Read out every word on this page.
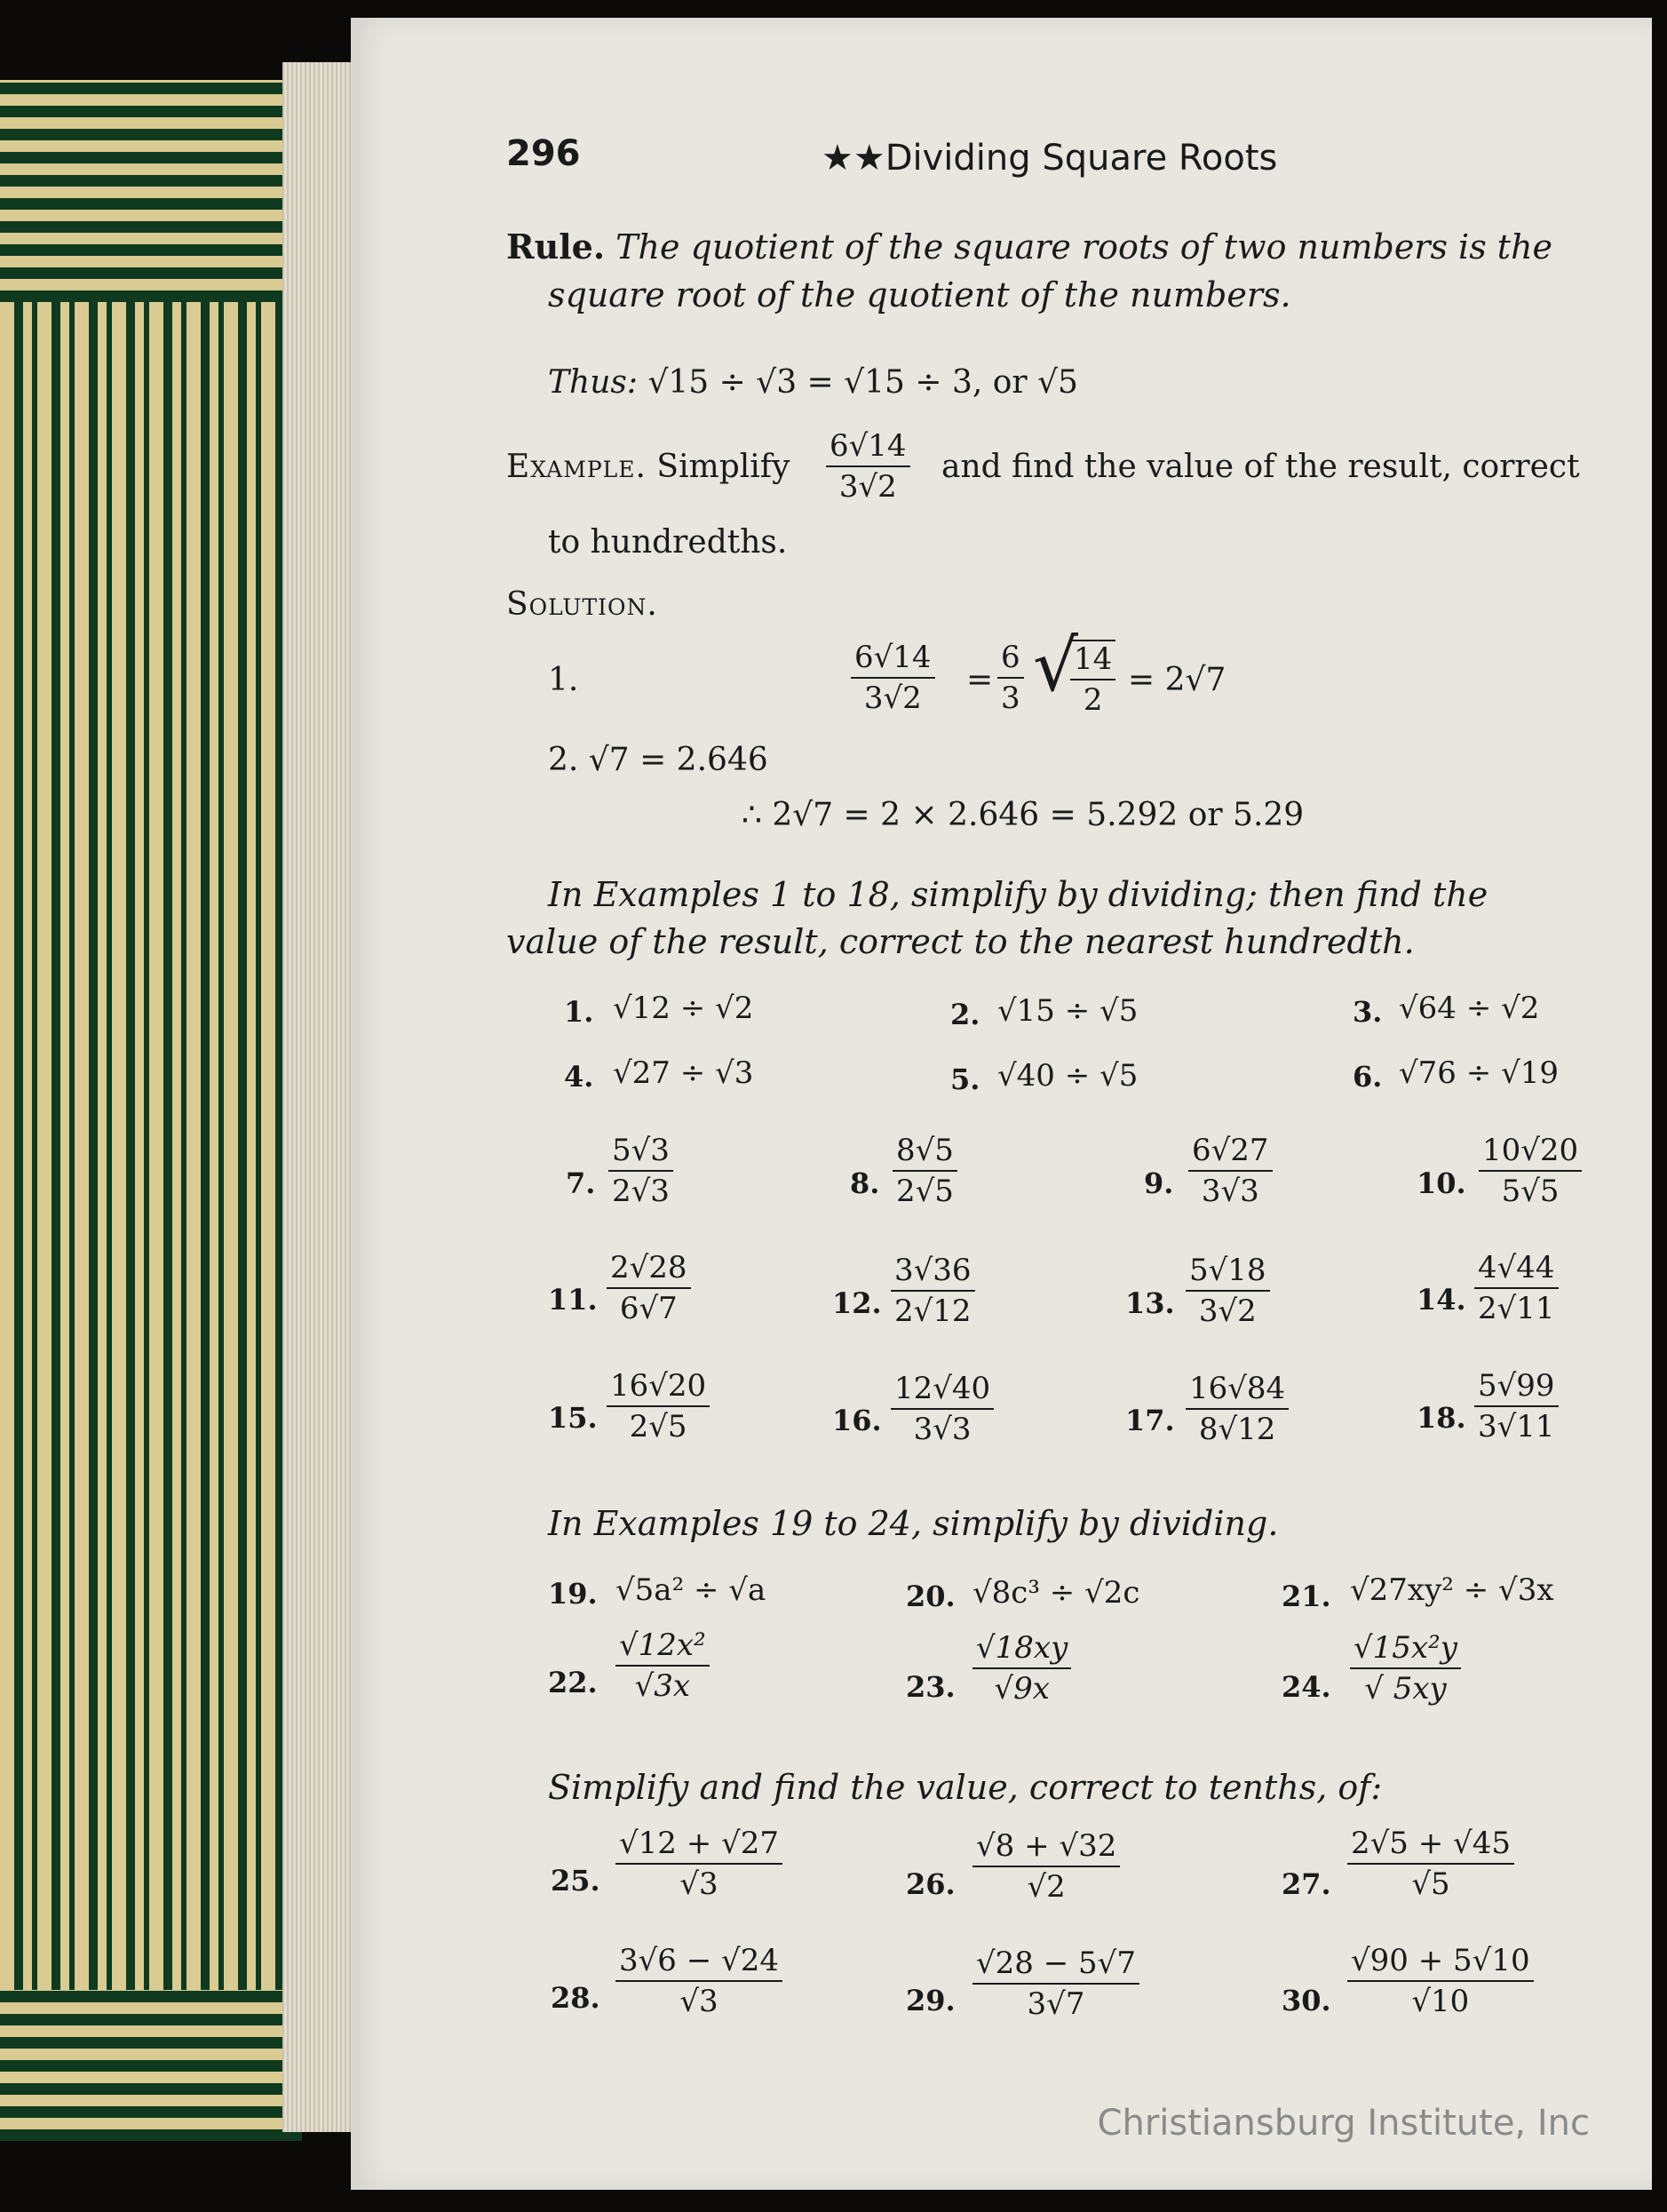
296	★★Dividing Square Roots
Rule. The quotient of the square roots of two numbers is the
square root of the quotient of the numbers.
Thus: √15 ÷ √3 = √15 ÷ 3, or √5
Example. Simplify $\frac{6√14}{3√2}$ and find the value of the result, correct
to hundredths.
Solution.
1.	$\frac{6√14}{3√2} = \frac{6}{3}$ √
$\frac{14}{2} = 2√7$
2. √7 = 2.646
∴ 2√7 = 2 × 2.646 = 5.292 or 5.29
In Examples 1 to 18, simplify by dividing; then find the
value of the result, correct to the nearest hundredth.
1. √12 ÷ √2	2. √15 ÷ √5	3. √64 ÷ √2
4. √27 ÷ √3	5. √40 ÷ √5	6. √76 ÷ √19
7. $\frac{5√3}{2√3}$	8. $\frac{8√5}{2√5}$	9. $\frac{6√27}{3√3}$	10. $\frac{10√20}{5√5}$
11. $\frac{2√28}{6√7}$	12. $\frac{3√36}{2√12}$	13. $\frac{5√18}{3√2}$	14. $\frac{4√44}{2√11}$
15. $\frac{16√20}{2√5}$	16. $\frac{12√40}{3√3}$	17. $\frac{16√84}{8√12}$	18. $\frac{5√99}{3√11}$
In Examples 19 to 24, simplify by dividing.
19. √5a² ÷ √a	20. √8c³ ÷ √2c	21. √27xy² ÷ √3x
22. $\frac{\text{√12x²}}{√3x}$	23. $\frac{√18xy}{√9x}$	24. $\frac{\text{√15x²y}}{√ 5xy}$
Simplify and find the value, correct to tenths, of:
25. $\frac{√12 + √27}{√3}$	26. $\frac{√8 + √32}{√2}$	27. $\frac{2√5 + √45}{√5}$
28. $\frac{3√6 - √24}{√3}$	29. $\frac{√28 - 5√7}{3√7}$	30. $\frac{√90 + 5√10}{√10}$
Christiansburg Institute, Inc
